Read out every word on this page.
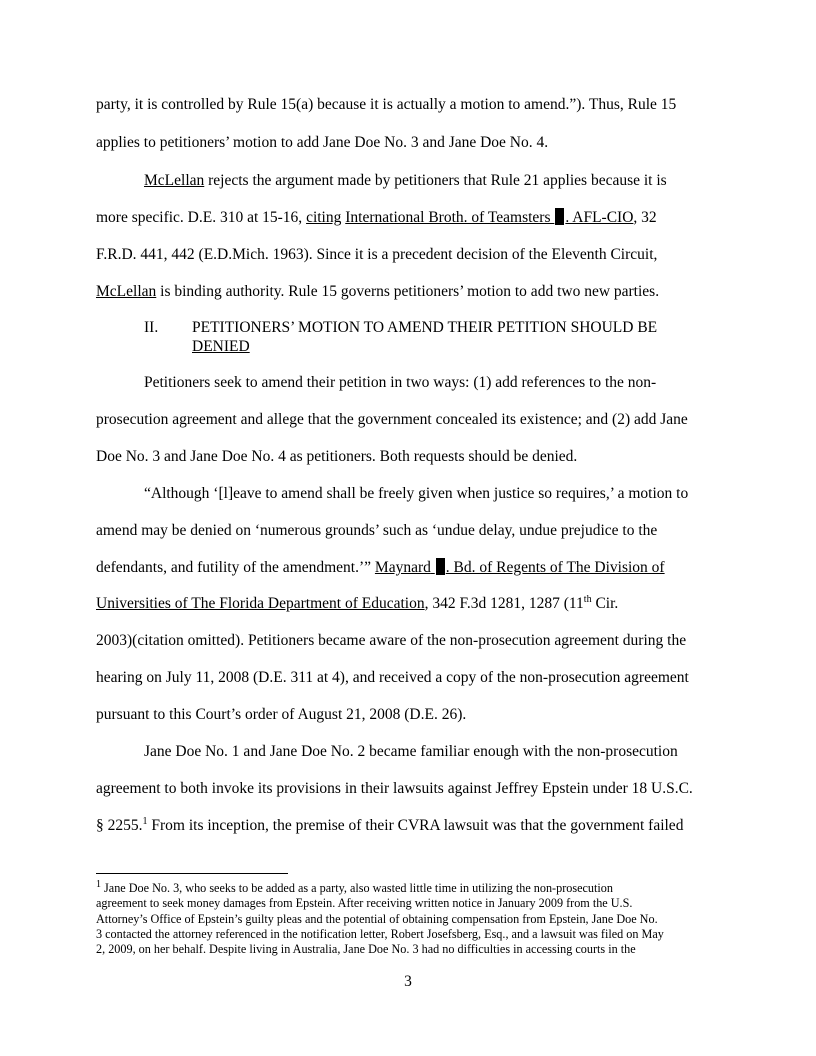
party, it is controlled by Rule 15(a) because it is actually a motion to amend.”). Thus, Rule 15
applies to petitioners’ motion to add Jane Doe No. 3 and Jane Doe No. 4.
McLellan rejects the argument made by petitioners that Rule 21 applies because it is
more specific. D.E. 310 at 15-16, citing International Broth. of Teamsters . AFL-CIO, 32
F.R.D. 441, 442 (E.D.Mich. 1963). Since it is a precedent decision of the Eleventh Circuit,
McLellan is binding authority. Rule 15 governs petitioners’ motion to add two new parties.
II. PETITIONERS’ MOTION TO AMEND THEIR PETITION SHOULD BE
DENIED
Petitioners seek to amend their petition in two ways: (1) add references to the non-
prosecution agreement and allege that the government concealed its existence; and (2) add Jane
Doe No. 3 and Jane Doe No. 4 as petitioners. Both requests should be denied.
“Although ‘[l]eave to amend shall be freely given when justice so requires,’ a motion to
amend may be denied on ‘numerous grounds’ such as ‘undue delay, undue prejudice to the
defendants, and futility of the amendment.’” Maynard . Bd. of Regents of The Division of
Universities of The Florida Department of Education, 342 F.3d 1281, 1287 (11th Cir.
2003)(citation omitted). Petitioners became aware of the non-prosecution agreement during the
hearing on July 11, 2008 (D.E. 311 at 4), and received a copy of the non-prosecution agreement
pursuant to this Court’s order of August 21, 2008 (D.E. 26).
Jane Doe No. 1 and Jane Doe No. 2 became familiar enough with the non-prosecution
agreement to both invoke its provisions in their lawsuits against Jeffrey Epstein under 18 U.S.C.
§ 2255.$^1$ From its inception, the premise of their CVRA lawsuit was that the government failed
$^1$ Jane Doe No. 3, who seeks to be added as a party, also wasted little time in utilizing the non-prosecution
agreement to seek money damages from Epstein. After receiving written notice in January 2009 from the U.S.
Attorney’s Office of Epstein’s guilty pleas and the potential of obtaining compensation from Epstein, Jane Doe No.
3 contacted the attorney referenced in the notification letter, Robert Josefsberg, Esq., and a lawsuit was filed on May
2, 2009, on her behalf. Despite living in Australia, Jane Doe No. 3 had no difficulties in accessing courts in the
3
